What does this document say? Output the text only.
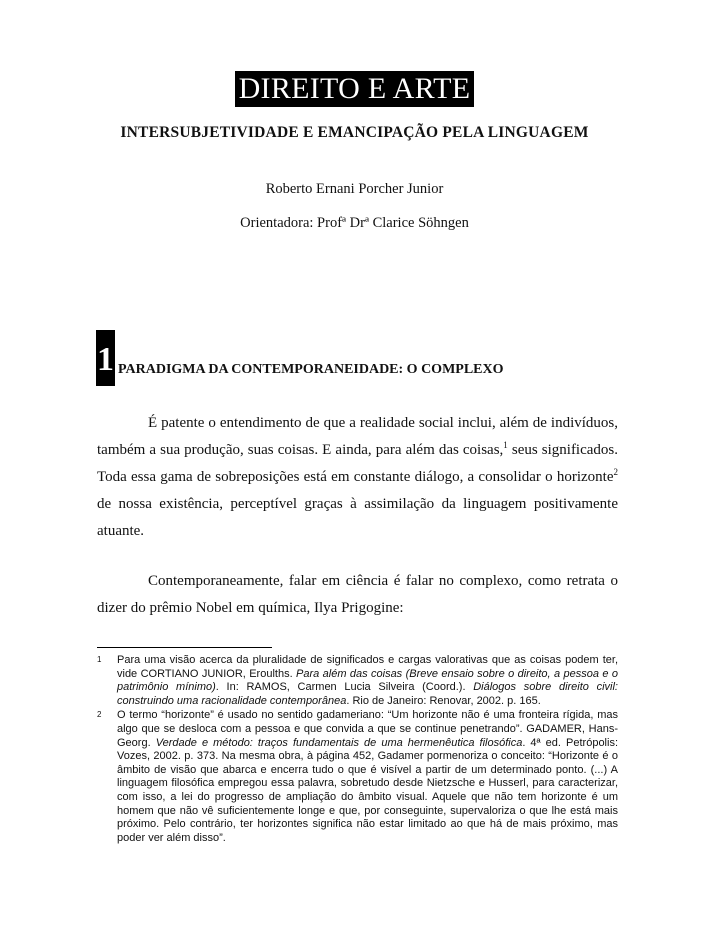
DIREITO E ARTE
INTERSUBJETIVIDADE E EMANCIPAÇÃO PELA LINGUAGEM
Roberto Ernani Porcher Junior
Orientadora: Profª Drª Clarice Söhngen
1 PARADIGMA DA CONTEMPORANEIDADE: O COMPLEXO

É patente o entendimento de que a realidade social inclui, além de indivíduos, também a sua produção, suas coisas. E ainda, para além das coisas,$^1$ seus significados. Toda essa gama de sobreposições está em constante diálogo, a consolidar o horizonte$^2$ de nossa existência, perceptível graças à assimilação da linguagem positivamente atuante.

Contemporaneamente, falar em ciência é falar no complexo, como retrata o dizer do prêmio Nobel em química, Ilya Prigogine:

1 Para uma visão acerca da pluralidade de significados e cargas valorativas que as coisas podem ter, vide CORTIANO JUNIOR, Eroulths. Para além das coisas (Breve ensaio sobre o direito, a pessoa e o patrimônio mínimo). In: RAMOS, Carmen Lucia Silveira (Coord.). Diálogos sobre direito civil: construindo uma racionalidade contemporânea. Rio de Janeiro: Renovar, 2002. p. 165.

2 O termo “horizonte” é usado no sentido gadameriano: “Um horizonte não é uma fronteira rígida, mas algo que se desloca com a pessoa e que convida a que se continue penetrando”. GADAMER, Hans-Georg. Verdade e método: traços fundamentais de uma hermenêutica filosófica. 4ª ed. Petrópolis: Vozes, 2002. p. 373. Na mesma obra, à página 452, Gadamer pormenoriza o conceito: “Horizonte é o âmbito de visão que abarca e encerra tudo o que é visível a partir de um determinado ponto. (...) A linguagem filosófica empregou essa palavra, sobretudo desde Nietzsche e Husserl, para caracterizar, com isso, a lei do progresso de ampliação do âmbito visual. Aquele que não tem horizonte é um homem que não vê suficientemente longe e que, por conseguinte, supervaloriza o que lhe está mais próximo. Pelo contrário, ter horizontes significa não estar limitado ao que há de mais próximo, mas poder ver além disso”.
